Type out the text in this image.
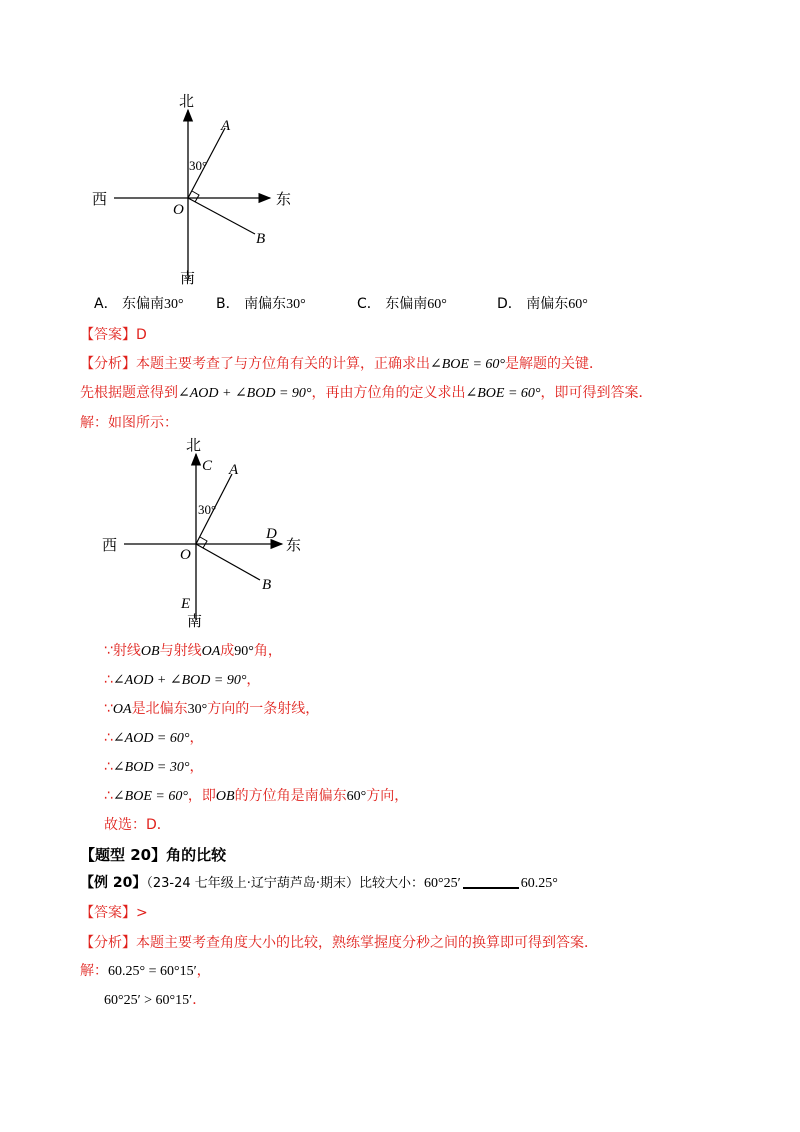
北
南
东
西
A
B
O
30°
A． 东偏南30° B． 南偏东30°	C． 东偏南60°	D． 南偏东60°
【答案】D
【分析】本题主要考查了与方位角有关的计算，正确求出∠BOE = 60°是解题的关键．
先根据题意得到∠AOD + ∠BOD = 90°，再由方位角的定义求出∠BOE = 60°，即可得到答案．
解：如图所示：
北
南
东
西
A
B
C
D
E
O
30°
∵射线OB与射线OA成90°角，
∴∠AOD + ∠BOD = 90°，
∵OA是北偏东30°方向的一条射线，
∴∠AOD = 60°，
∴∠BOD = 30°，
∴∠BOE = 60°，即OB的方位角是南偏东60°方向，
故选：D．
【题型 20】角的比较
【例 20】（23-24 七年级上·辽宁葫芦岛·期末）比较大小：60°25′	60.25°
【答案】>
【分析】本题主要考查角度大小的比较，熟练掌握度分秒之间的换算即可得到答案．
解：60.25° = 60°15′，
60°25′ > 60°15′．
